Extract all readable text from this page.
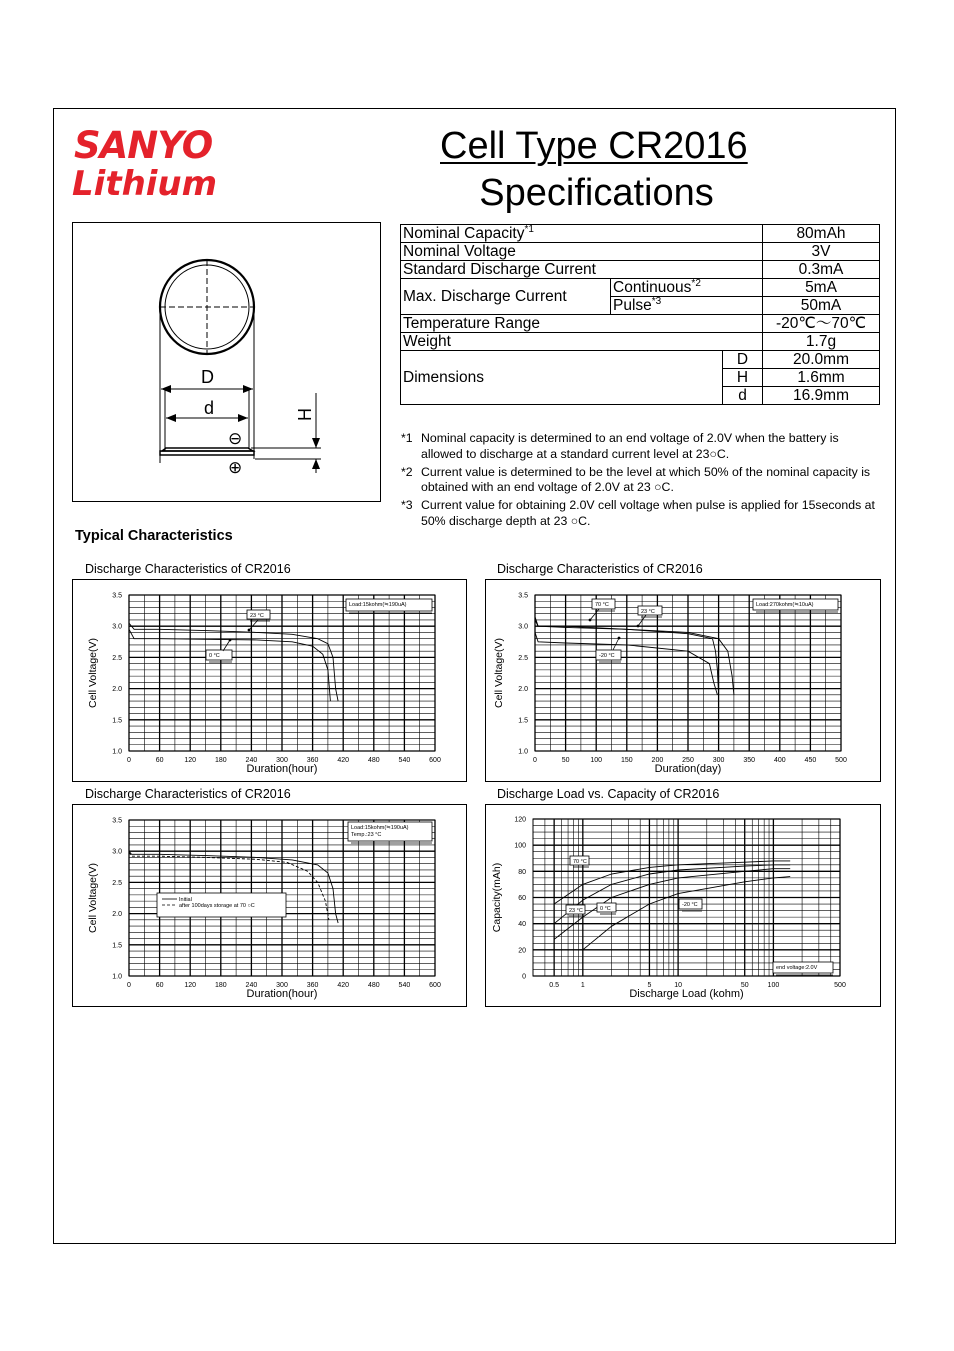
SANYO
Lithium
Cell Type CR2016
Specifications
D
d	H
⊖
⊕
Nominal Capacity$^{*1}$			80mAh
Nominal Voltage			3V
Standard Discharge Current			0.3mA
Max. Discharge Current	Continuous$^{*2}$		5mA
	Pulse$^{*3}$		50mA
Temperature Range			-20℃～70℃
Weight			1.7g
Dimensions		D	20.0mm
		H	1.6mm
		d	16.9mm
*1 Nominal capacity is determined to an end voltage of 2.0V when the battery is allowed to discharge at a standard current level at 23○C.
*2 Current value is determined to be the level at which 50% of the nominal capacity is obtained with an end voltage of 2.0V at 23 ○C.
*3 Current value for obtaining 2.0V cell voltage when pulse is applied for 15seconds at 50% discharge depth at 23 ○C.
Typical Characteristics
Discharge Characteristics of CR2016	Discharge Characteristics of CR2016
Discharge Characteristics of CR2016	Discharge Load vs. Capacity of CR2016
1.0
1.5
2.0
2.5
3.0
3.5
0	60	120	180	240	300	360	420	480	540	600
Duration(hour)
Cell Voltage(V)
Load:15kohm(≒190uA)
23 °C
0 °C
1.0
1.5
2.0
2.5
3.0
3.5
0	50	100	150	200	250	300	350	400	450	500
Duration(day)
Cell Voltage(V)
Load:270kohm(≒10uA)
70 °C
23 °C
-20 °C
1.0
1.5
2.0
2.5
3.0
3.5
0	60	120	180	240	300	360	420	480	540	600
Duration(hour)
Cell Voltage(V)
Load:15kohm(≒190uA)
Temp.:23 °C
Initial
after 100days storage at 70 ○C
0
20
40
60
80
100
120
0.5	1	5	10	50	100	500
Discharge Load (kohm)
Capacity(mAh)
70 °C
23 °C	0 °C
-20 °C
end voltage:2.0V
